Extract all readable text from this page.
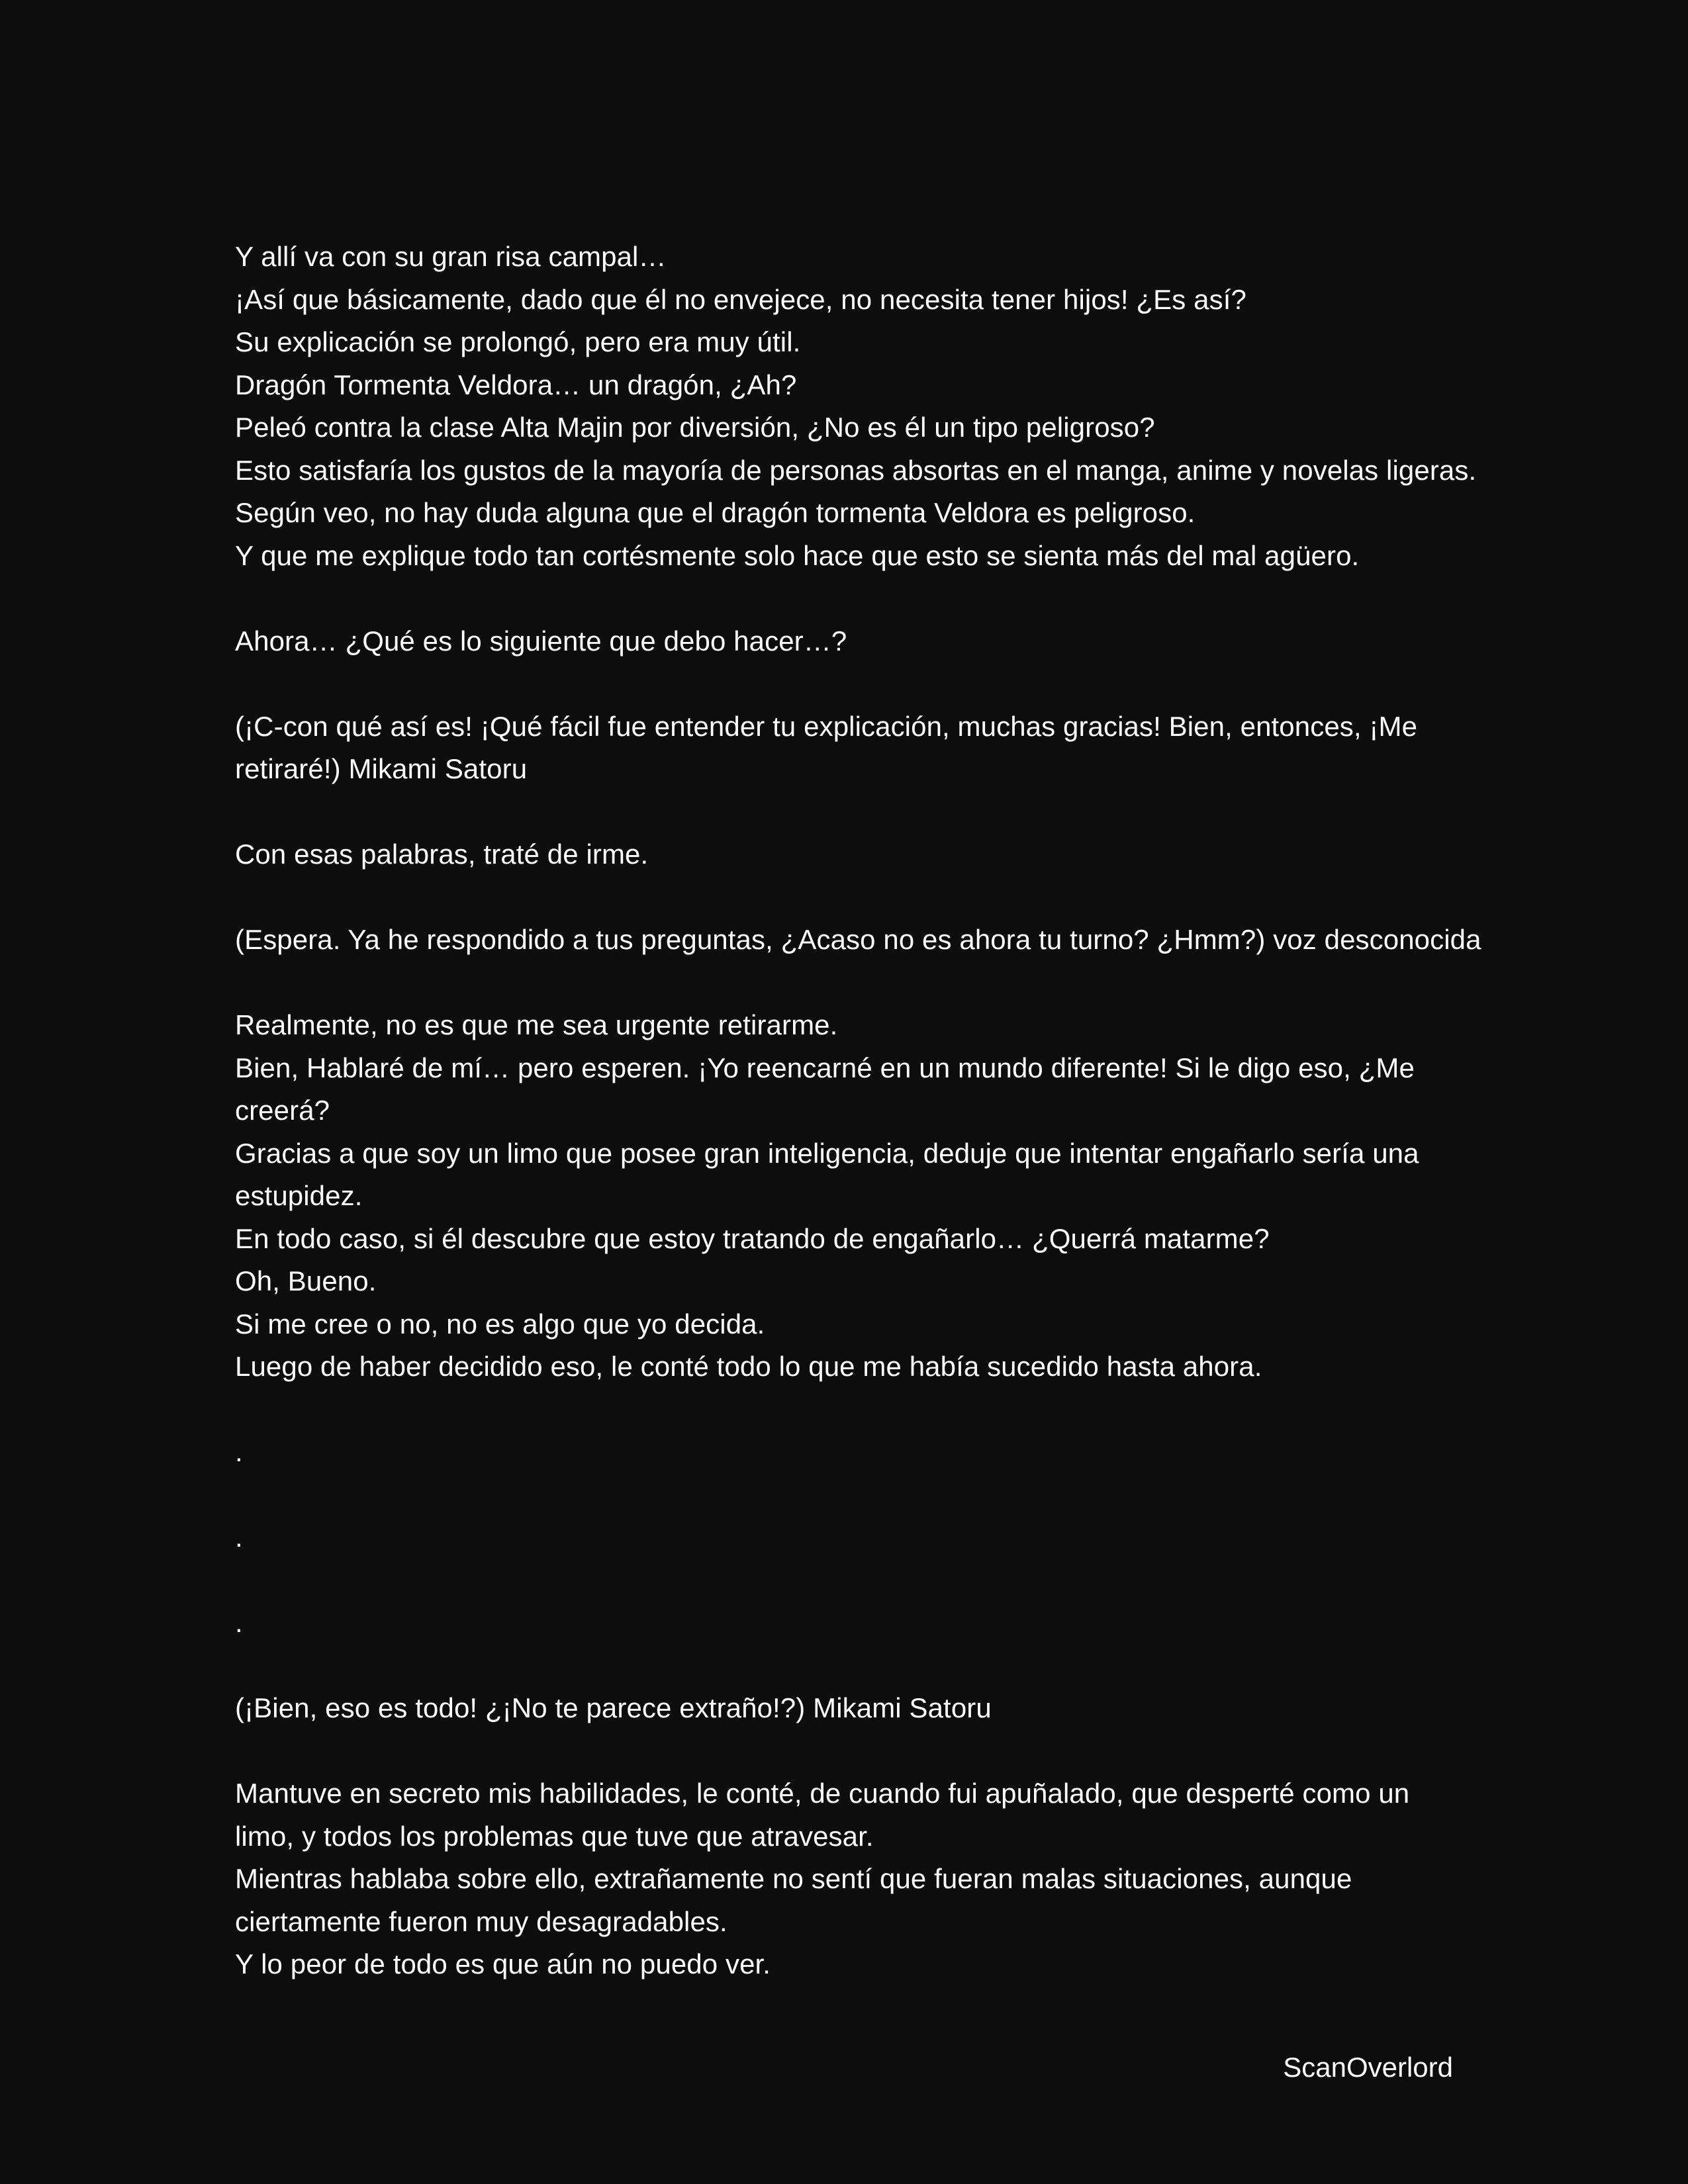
Y allí va con su gran risa campal…
¡Así que básicamente, dado que él no envejece, no necesita tener hijos! ¿Es así?
Su explicación se prolongó, pero era muy útil.
Dragón Tormenta Veldora… un dragón, ¿Ah?
Peleó contra la clase Alta Majin por diversión, ¿No es él un tipo peligroso?
Esto satisfaría los gustos de la mayoría de personas absortas en el manga, anime y novelas ligeras.
Según veo, no hay duda alguna que el dragón tormenta Veldora es peligroso.
Y que me explique todo tan cortésmente solo hace que esto se sienta más del mal agüero.
Ahora… ¿Qué es lo siguiente que debo hacer…?
(¡C-con qué así es! ¡Qué fácil fue entender tu explicación, muchas gracias! Bien, entonces, ¡Me
retiraré!) Mikami Satoru
Con esas palabras, traté de irme.
(Espera. Ya he respondido a tus preguntas, ¿Acaso no es ahora tu turno? ¿Hmm?) voz desconocida
Realmente, no es que me sea urgente retirarme.
Bien, Hablaré de mí… pero esperen. ¡Yo reencarné en un mundo diferente! Si le digo eso, ¿Me
creerá?
Gracias a que soy un limo que posee gran inteligencia, deduje que intentar engañarlo sería una
estupidez.
En todo caso, si él descubre que estoy tratando de engañarlo… ¿Querrá matarme?
Oh, Bueno.
Si me cree o no, no es algo que yo decida.
Luego de haber decidido eso, le conté todo lo que me había sucedido hasta ahora.
.
.
.
(¡Bien, eso es todo! ¿¡No te parece extraño!?) Mikami Satoru
Mantuve en secreto mis habilidades, le conté, de cuando fui apuñalado, que desperté como un
limo, y todos los problemas que tuve que atravesar.
Mientras hablaba sobre ello, extrañamente no sentí que fueran malas situaciones, aunque
ciertamente fueron muy desagradables.
Y lo peor de todo es que aún no puedo ver.
ScanOverlord
